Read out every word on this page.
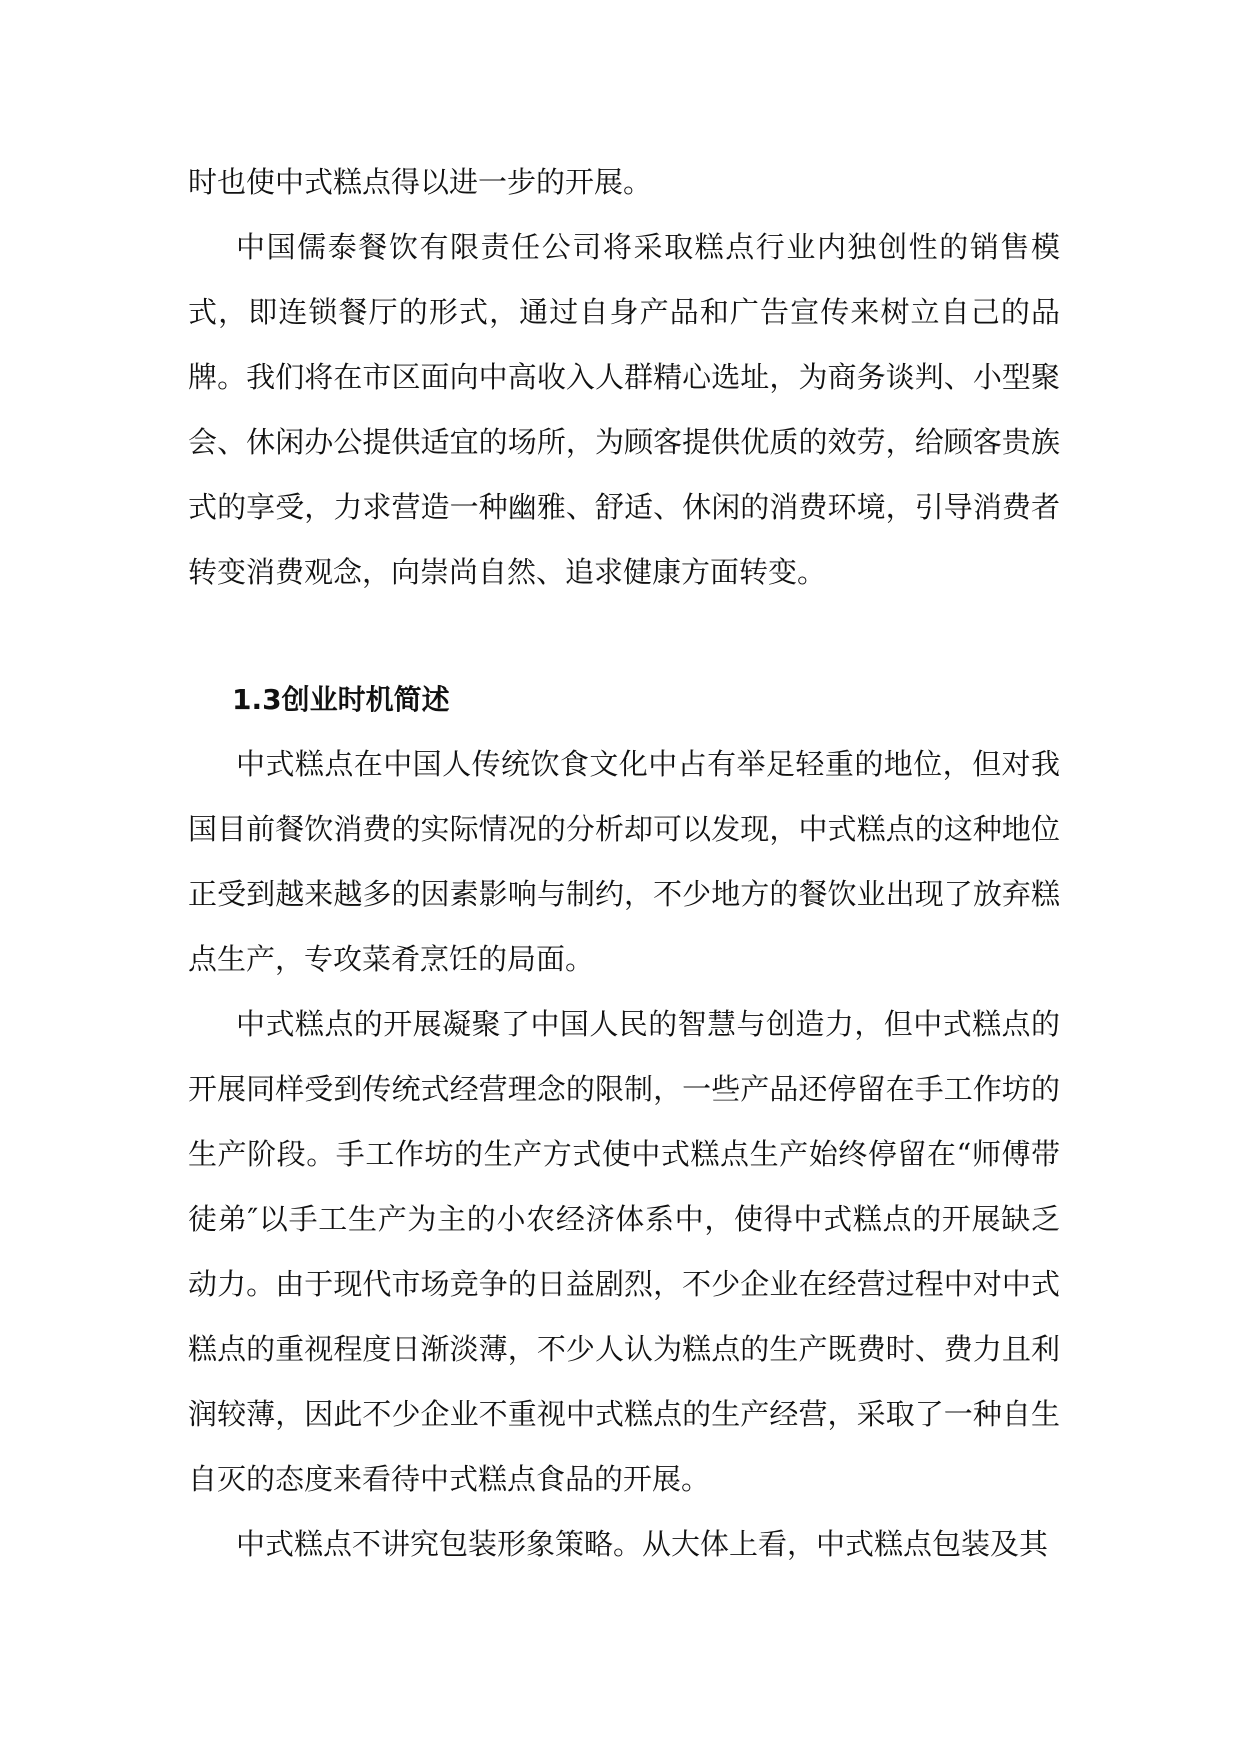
时也使中式糕点得以进一步的开展。

中国儒泰餐饮有限责任公司将采取糕点行业内独创性的销售模式，即连锁餐厅的形式，通过自身产品和广告宣传来树立自己的品牌。我们将在市区面向中高收入人群精心选址，为商务谈判、小型聚会、休闲办公提供适宜的场所，为顾客提供优质的效劳，给顾客贵族式的享受，力求营造一种幽雅、舒适、休闲的消费环境，引导消费者转变消费观念，向崇尚自然、追求健康方面转变。

1.3创业时机简述

中式糕点在中国人传统饮食文化中占有举足轻重的地位，但对我国目前餐饮消费的实际情况的分析却可以发现，中式糕点的这种地位正受到越来越多的因素影响与制约，不少地方的餐饮业出现了放弃糕点生产，专攻菜肴烹饪的局面。

中式糕点的开展凝聚了中国人民的智慧与创造力，但中式糕点的开展同样受到传统式经营理念的限制，一些产品还停留在手工作坊的生产阶段。手工作坊的生产方式使中式糕点生产始终停留在“师傅带徒弟″以手工生产为主的小农经济体系中，使得中式糕点的开展缺乏动力。由于现代市场竞争的日益剧烈，不少企业在经营过程中对中式糕点的重视程度日渐淡薄，不少人认为糕点的生产既费时、费力且利润较薄，因此不少企业不重视中式糕点的生产经营，采取了一种自生自灭的态度来看待中式糕点食品的开展。

中式糕点不讲究包装形象策略。从大体上看，中式糕点包装及其
